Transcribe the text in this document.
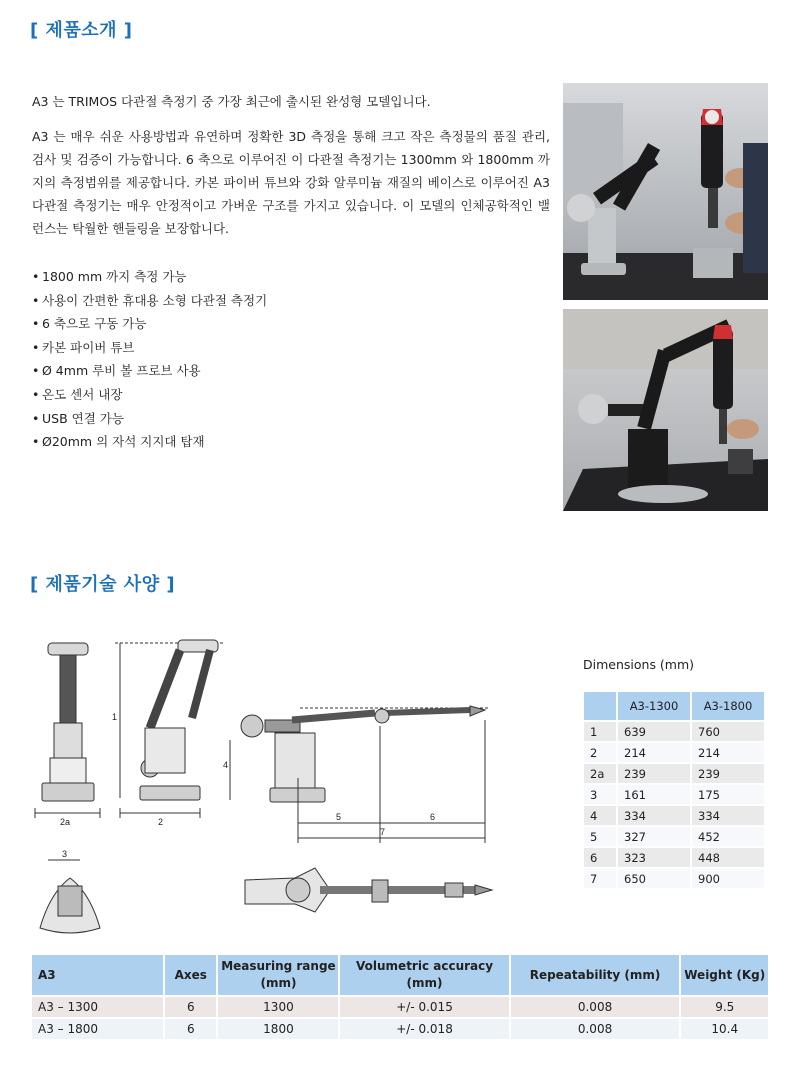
[ 제품소개 ]

A3 는 TRIMOS 다관절 측정기 중 가장 최근에 출시된 완성형 모델입니다.

A3 는 매우 쉬운 사용방법과 유연하며 정확한 3D 측정을 통해 크고 작은 측정물의 품질 관리, 검사 및 검증이 가능합니다. 6 축으로 이루어진 이 다관절 측정기는 1300mm 와 1800mm 까지의 측정범위를 제공합니다. 카본 파이버 튜브와 강화 알루미늄 재질의 베이스로 이루어진 A3 다관절 측정기는 매우 안정적이고 가벼운 구조를 가지고 있습니다. 이 모델의 인체공학적인 밸런스는 탁월한 핸들링을 보장합니다.

• 1800 mm 까지 측정 가능
• 사용이 간편한 휴대용 소형 다관절 측정기
• 6 축으로 구동 가능
• 카본 파이버 튜브
• Ø 4mm 루비 볼 프로브 사용
• 온도 센서 내장
• USB 연결 가능
• Ø20mm 의 자석 지지대 탑재
[ 제품기술 사양 ]
2a	2
1
4
5	6
7
3
Dimensions (mm)
	A3-1300	A3-1800
1	639	760
2	214	214
2a	239	239
3	161	175
4	334	334
5	327	452
6	323	448
7	650	900
A3	Axes	Measuring range (mm)	Volumetric accuracy (mm)	Repeatability (mm)	Weight (Kg)
A3 – 1300	6	1300	+/- 0.015	0.008	9.5
A3 – 1800	6	1800	+/- 0.018	0.008	10.4
